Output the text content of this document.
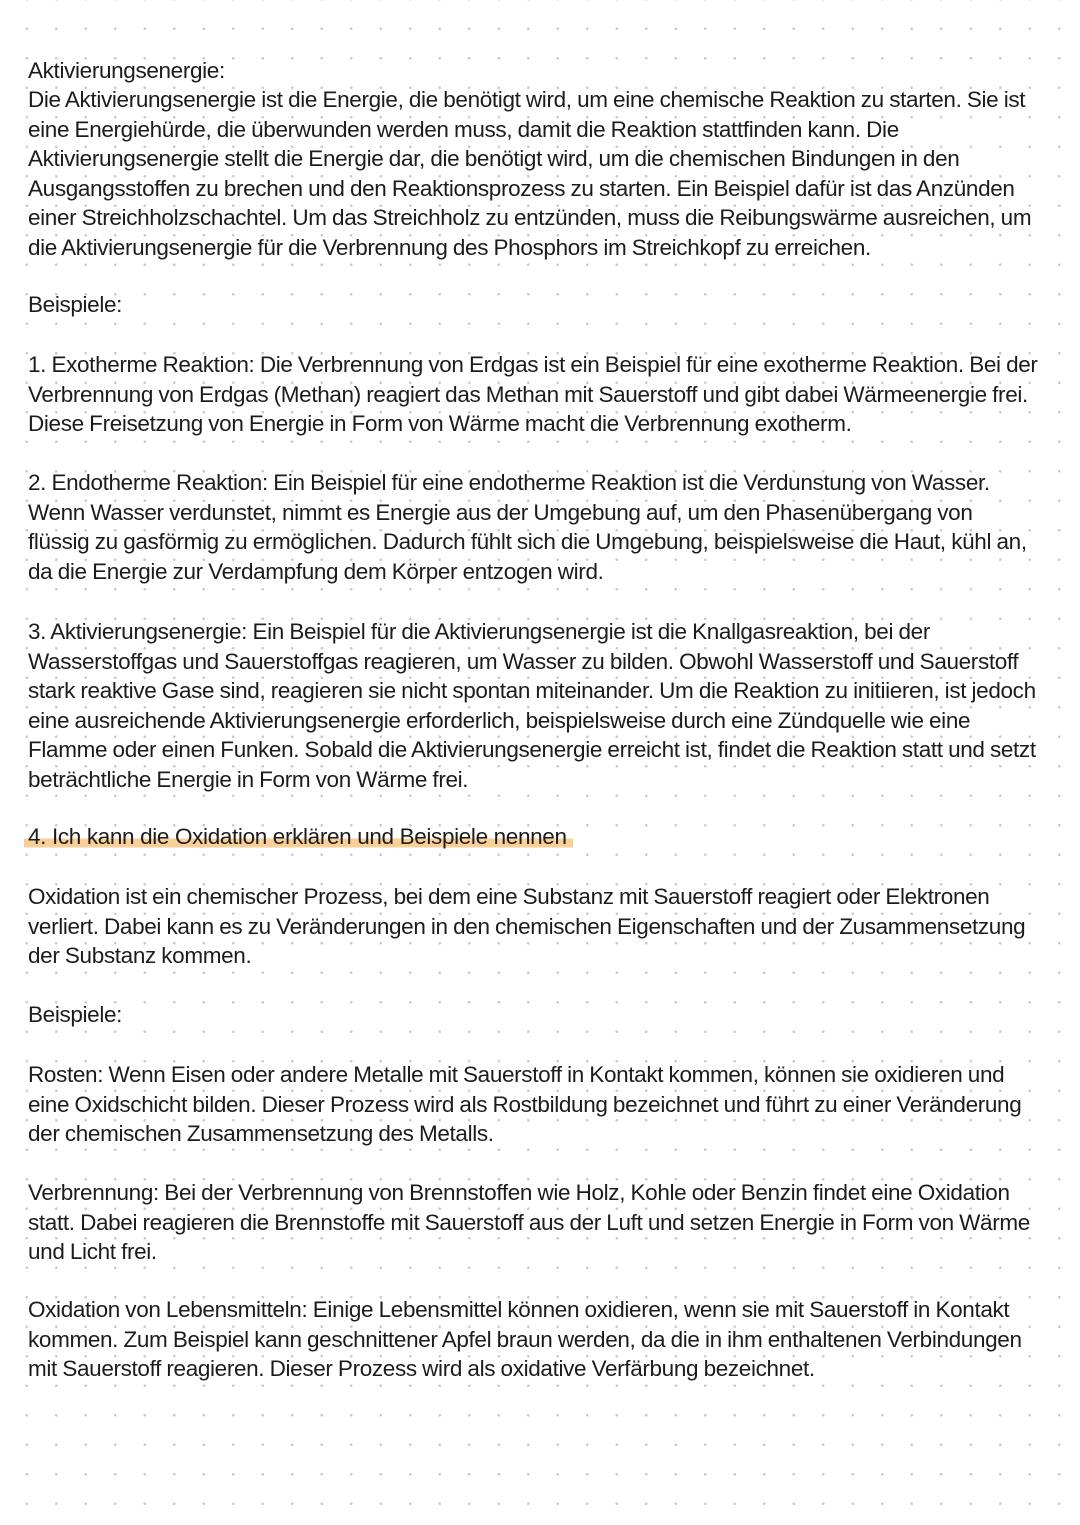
Aktivierungsenergie:

Die Aktivierungsenergie ist die Energie, die benötigt wird, um eine chemische Reaktion zu starten. Sie ist eine Energiehürde, die überwunden werden muss, damit die Reaktion stattfinden kann. Die Aktivierungsenergie stellt die Energie dar, die benötigt wird, um die chemischen Bindungen in den Ausgangsstoffen zu brechen und den Reaktionsprozess zu starten. Ein Beispiel dafür ist das Anzünden einer Streichholzschachtel. Um das Streichholz zu entzünden, muss die Reibungswärme ausreichen, um die Aktivierungsenergie für die Verbrennung des Phosphors im Streichkopf zu erreichen.

Beispiele:

1. Exotherme Reaktion: Die Verbrennung von Erdgas ist ein Beispiel für eine exotherme Reaktion. Bei der Verbrennung von Erdgas (Methan) reagiert das Methan mit Sauerstoff und gibt dabei Wärmeenergie frei. Diese Freisetzung von Energie in Form von Wärme macht die Verbrennung exotherm.

2. Endotherme Reaktion: Ein Beispiel für eine endotherme Reaktion ist die Verdunstung von Wasser. Wenn Wasser verdunstet, nimmt es Energie aus der Umgebung auf, um den Phasenübergang von flüssig zu gasförmig zu ermöglichen. Dadurch fühlt sich die Umgebung, beispielsweise die Haut, kühl an, da die Energie zur Verdampfung dem Körper entzogen wird.

3. Aktivierungsenergie: Ein Beispiel für die Aktivierungsenergie ist die Knallgasreaktion, bei der Wasserstoffgas und Sauerstoffgas reagieren, um Wasser zu bilden. Obwohl Wasserstoff und Sauerstoff stark reaktive Gase sind, reagieren sie nicht spontan miteinander. Um die Reaktion zu initiieren, ist jedoch eine ausreichende Aktivierungsenergie erforderlich, beispielsweise durch eine Zündquelle wie eine Flamme oder einen Funken. Sobald die Aktivierungsenergie erreicht ist, findet die Reaktion statt und setzt beträchtliche Energie in Form von Wärme frei.

4. Ich kann die Oxidation erklären und Beispiele nennen

Oxidation ist ein chemischer Prozess, bei dem eine Substanz mit Sauerstoff reagiert oder Elektronen verliert. Dabei kann es zu Veränderungen in den chemischen Eigenschaften und der Zusammensetzung der Substanz kommen.

Beispiele:

Rosten: Wenn Eisen oder andere Metalle mit Sauerstoff in Kontakt kommen, können sie oxidieren und eine Oxidschicht bilden. Dieser Prozess wird als Rostbildung bezeichnet und führt zu einer Veränderung der chemischen Zusammensetzung des Metalls.

Verbrennung: Bei der Verbrennung von Brennstoffen wie Holz, Kohle oder Benzin findet eine Oxidation statt. Dabei reagieren die Brennstoffe mit Sauerstoff aus der Luft und setzen Energie in Form von Wärme und Licht frei.

Oxidation von Lebensmitteln: Einige Lebensmittel können oxidieren, wenn sie mit Sauerstoff in Kontakt kommen. Zum Beispiel kann geschnittener Apfel braun werden, da die in ihm enthaltenen Verbindungen mit Sauerstoff reagieren. Dieser Prozess wird als oxidative Verfärbung bezeichnet.
